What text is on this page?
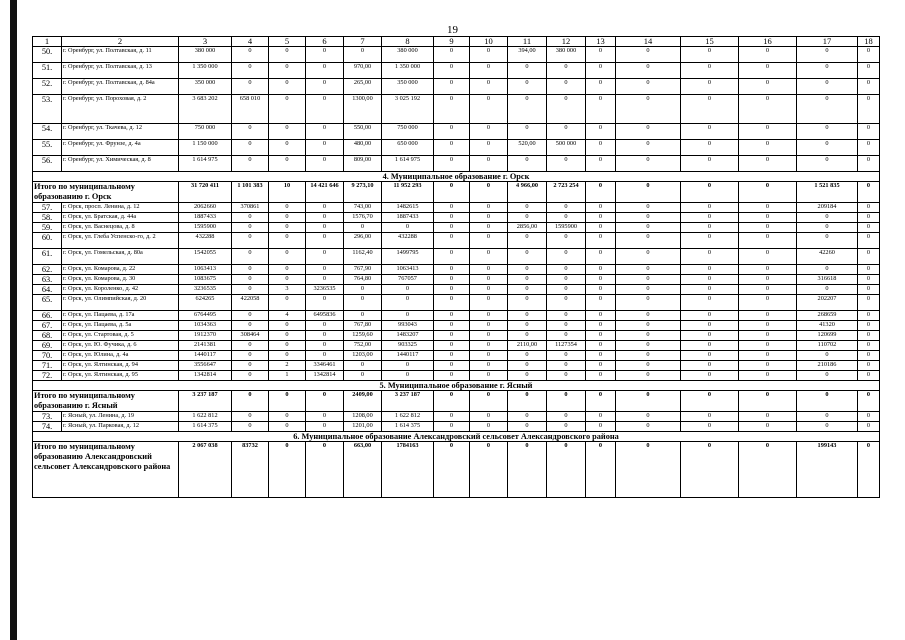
19
1	2	3	4	5	6	7	8	9	10	11	12	13	14	15	16	17	18
50.	г. Оренбург, ул. Полтавская, д. 11	380 000	0	0	0	0	380 000	0	0	394,00	380 000	0	0	0	0	0	0
51.	г. Оренбург, ул. Полтавская, д. 13	1 350 000	0	0	0	970,00	1 350 000	0	0	0	0	0	0	0	0	0	0
52.	г. Оренбург, ул. Полтавская, д. 84а	350 000	0	0	0	265,00	350 000	0	0	0	0	0	0	0	0	0	0
53.	г. Оренбург, ул. Пороховая, д. 2	3 683 202	658 010	0	0	1300,00	3 025 192	0	0	0	0	0	0	0	0	0	0
54.	г. Оренбург, ул. Ткачева, д. 12	750 000	0	0	0	550,00	750 000	0	0	0	0	0	0	0	0	0	0
55.	г. Оренбург, ул. Фрунзе, д. 4а	1 150 000	0	0	0	480,00	650 000	0	0	520,00	500 000	0	0	0	0	0	0
56.	г. Оренбург, ул. Химическая, д. 8	1 614 975	0	0	0	809,00	1 614 975	0	0	0	0	0	0	0	0	0	0
4. Муниципальное образование г. Орск																	
Итого по муниципальному образованию г. Орск		31 720 411	1 101 383	10	14 421 646	9 273,10	11 952 293	0	0	4 966,00	2 723 254	0	0	0	0	1 521 835	0
57.	г. Орск, просп. Ленина, д. 12	2062660	370861	0	0	743,00	1482615	0	0	0	0	0	0	0	0	209184	0
58.	г. Орск, ул. Братская, д. 44а	1887433	0	0	0	1576,70	1887433	0	0	0	0	0	0	0	0	0	0
59.	г. Орск, ул. Васнецова, д. 8	1595900	0	0	0	0	0	0	0	2856,00	1595900	0	0	0	0	0	0
60.	г. Орск, ул. Глеба Успенско-го, д. 2	432288	0	0	0	296,00	432288	0	0	0	0	0	0	0	0	0	0
61.	г. Орск, ул. Гомельская, д. 80а	1542055	0	0	0	1162,40	1499795	0	0	0	0	0	0	0	0	42260	0
62.	г. Орск, ул. Комарова, д. 22	1063413	0	0	0	767,90	1063413	0	0	0	0	0	0	0	0	0	0
63.	г. Орск, ул. Комарова, д. 30	1083675	0	0	0	764,80	767057	0	0	0	0	0	0	0	0	316618	0
64.	г. Орск, ул. Короленко, д. 42	3236535	0	3	3236535	0	0	0	0	0	0	0	0	0	0	0	0
65.	г. Орск, ул. Олимпийская, д. 20	624265	422058	0	0	0	0	0	0	0	0	0	0	0	0	202207	0
66.	г. Орск, ул. Пацаева, д. 17а	6764495	0	4	6495836	0	0	0	0	0	0	0	0	0	0	268659	0
67.	г. Орск, ул. Пацаева, д. 5а	1034363	0	0	0	767,80	993043	0	0	0	0	0	0	0	0	41320	0
68.	г. Орск, ул. Стартовая, д. 5	1912370	308464	0	0	1259,60	1483207	0	0	0	0	0	0	0	0	120699	0
69.	г. Орск, ул. Ю. Фучика, д. 6	2141381	0	0	0	752,00	903325	0	0	2110,00	1127354	0	0	0	0	110702	0
70.	г. Орск, ул. Юлина, д. 4а	1440117	0	0	0	1203,00	1440117	0	0	0	0	0	0	0	0	0	0
71.	г. Орск, ул. Ялтинская, д. 94	3556647	0	2	3346461	0	0	0	0	0	0	0	0	0	0	210186	0
72.	г. Орск, ул. Ялтинская, д. 95	1342814	0	1	1342814	0	0	0	0	0	0	0	0	0	0	0	0
5. Муниципальное образование г. Ясный																	
Итого по муниципальному образованию г. Ясный		3 237 187	0	0	0	2409,00	3 237 187	0	0	0	0	0	0	0	0	0	0
73.	г. Ясный, ул. Ленина, д. 19	1 622 812	0	0	0	1208,00	1 622 812	0	0	0	0	0	0	0	0	0	0
74.	г. Ясный, ул. Парковая, д. 12	1 614 375	0	0	0	1201,00	1 614 375	0	0	0	0	0	0	0	0	0	0
6. Муниципальное образование Александровский сельсовет Александровского района																	
Итого по муниципальному образованию Александровский сельсовет Александровского района		2 067 038	83732	0	0	663,00	1784163	0	0	0	0	0	0	0	0	199143	0
